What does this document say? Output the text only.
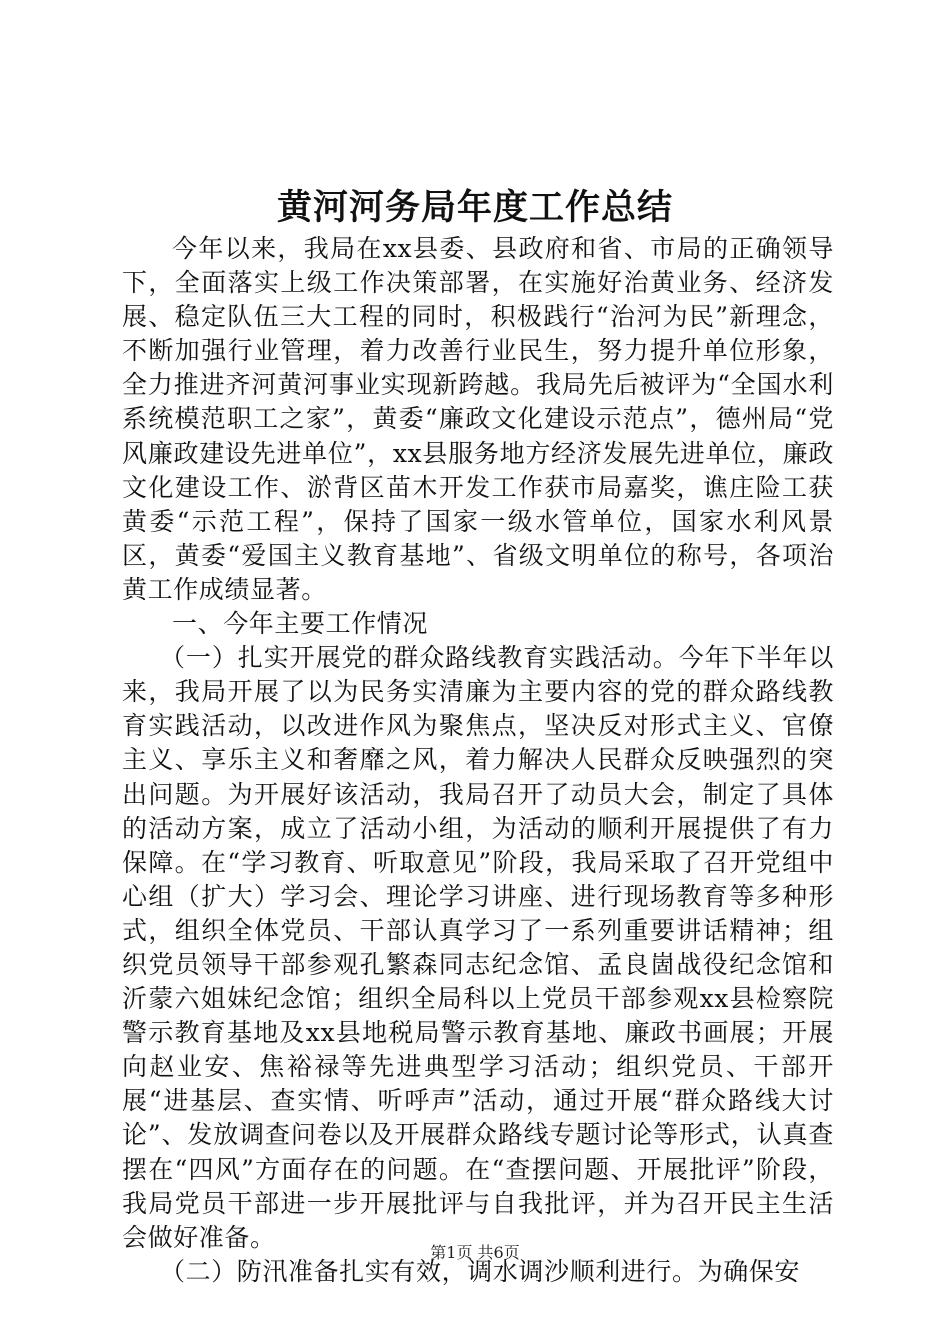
黄河河务局年度工作总结

今年以来，我局在xx县委、县政府和省、市局的正确领导下，全面落实上级工作决策部署，在实施好治黄业务、经济发展、稳定队伍三大工程的同时，积极践行“治河为民”新理念，不断加强行业管理，着力改善行业民生，努力提升单位形象，全力推进齐河黄河事业实现新跨越。我局先后被评为“全国水利系统模范职工之家”，黄委“廉政文化建设示范点”，德州局“党风廉政建设先进单位”，xx县服务地方经济发展先进单位，廉政文化建设工作、淤背区苗木开发工作获市局嘉奖，谯庄险工获黄委“示范工程”，保持了国家一级水管单位，国家水利风景区，黄委“爱国主义教育基地”、省级文明单位的称号，各项治黄工作成绩显著。

一、今年主要工作情况

（一）扎实开展党的群众路线教育实践活动。今年下半年以来，我局开展了以为民务实清廉为主要内容的党的群众路线教育实践活动，以改进作风为聚焦点，坚决反对形式主义、官僚主义、享乐主义和奢靡之风，着力解决人民群众反映强烈的突出问题。为开展好该活动，我局召开了动员大会，制定了具体的活动方案，成立了活动小组，为活动的顺利开展提供了有力保障。在“学习教育、听取意见”阶段，我局采取了召开党组中心组（扩大）学习会、理论学习讲座、进行现场教育等多种形式，组织全体党员、干部认真学习了一系列重要讲话精神；组织党员领导干部参观孔繁森同志纪念馆、孟良崮战役纪念馆和沂蒙六姐妹纪念馆；组织全局科以上党员干部参观xx县检察院警示教育基地及xx县地税局警示教育基地、廉政书画展；开展向赵业安、焦裕禄等先进典型学习活动；组织党员、干部开展“进基层、查实情、听呼声”活动，通过开展“群众路线大讨论”、发放调查问卷以及开展群众路线专题讨论等形式，认真查摆在“四风”方面存在的问题。在“查摆问题、开展批评”阶段，我局党员干部进一步开展批评与自我批评，并为召开民主生活会做好准备。

（二）防汛准备扎实有效，调水调沙顺利进行。为确保安

第1页 共6页
